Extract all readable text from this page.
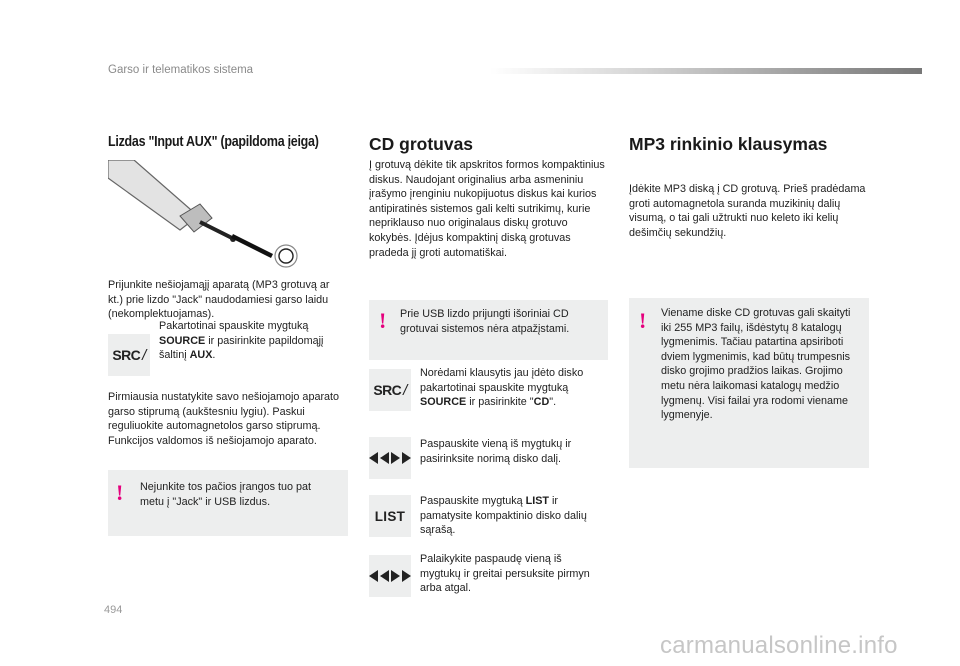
Garso ir telematikos sistema
Lizdas "Input AUX" (papildoma įeiga)
Prijunkite nešiojamąjį aparatą (MP3 grotuvą ar kt.) prie lizdo "Jack" naudodamiesi garso laidu (nekomplektuojamas).
SRC /
Pakartotinai spauskite mygtuką SOURCE ir pasirinkite papildomąjį šaltinį AUX.
Pirmiausia nustatykite savo nešiojamojo aparato garso stiprumą (aukštesniu lygiu). Paskui reguliuokite automagnetolos garso stiprumą. Funkcijos valdomos iš nešiojamojo aparato.
! Nejunkite tos pačios įrangos tuo pat metu į "Jack" ir USB lizdus.
CD grotuvas
Į grotuvą dėkite tik apskritos formos kompaktinius diskus. Naudojant originalius arba asmeniniu įrašymo įrenginiu nukopijuotus diskus kai kurios antipiratinės sistemos gali kelti sutrikimų, kurie nepriklauso nuo originalaus diskų grotuvo kokybės. Įdėjus kompaktinį diską grotuvas pradeda jį groti automatiškai.
! Prie USB lizdo prijungti išoriniai CD grotuvai sistemos nėra atpažįstami.
SRC /
Norėdami klausytis jau įdėto disko pakartotinai spauskite mygtuką SOURCE ir pasirinkite "CD".
Paspauskite vieną iš mygtukų ir pasirinksite norimą disko dalį.
LIST
Paspauskite mygtuką LIST ir pamatysite kompaktinio disko dalių sąrašą.
Palaikykite paspaudę vieną iš mygtukų ir greitai persuksite pirmyn arba atgal.
MP3 rinkinio klausymas
Įdėkite MP3 diską į CD grotuvą. Prieš pradėdama groti automagnetola suranda muzikinių dalių visumą, o tai gali užtrukti nuo keleto iki kelių dešimčių sekundžių.
! Viename diske CD grotuvas gali skaityti iki 255 MP3 failų, išdėstytų 8 katalogų lygmenimis. Tačiau patartina apsiriboti dviem lygmenimis, kad būtų trumpesnis disko grojimo pradžios laikas. Grojimo metu nėra laikomasi katalogų medžio lygmenų. Visi failai yra rodomi viename lygmenyje.
494
carmanualsonline.info
